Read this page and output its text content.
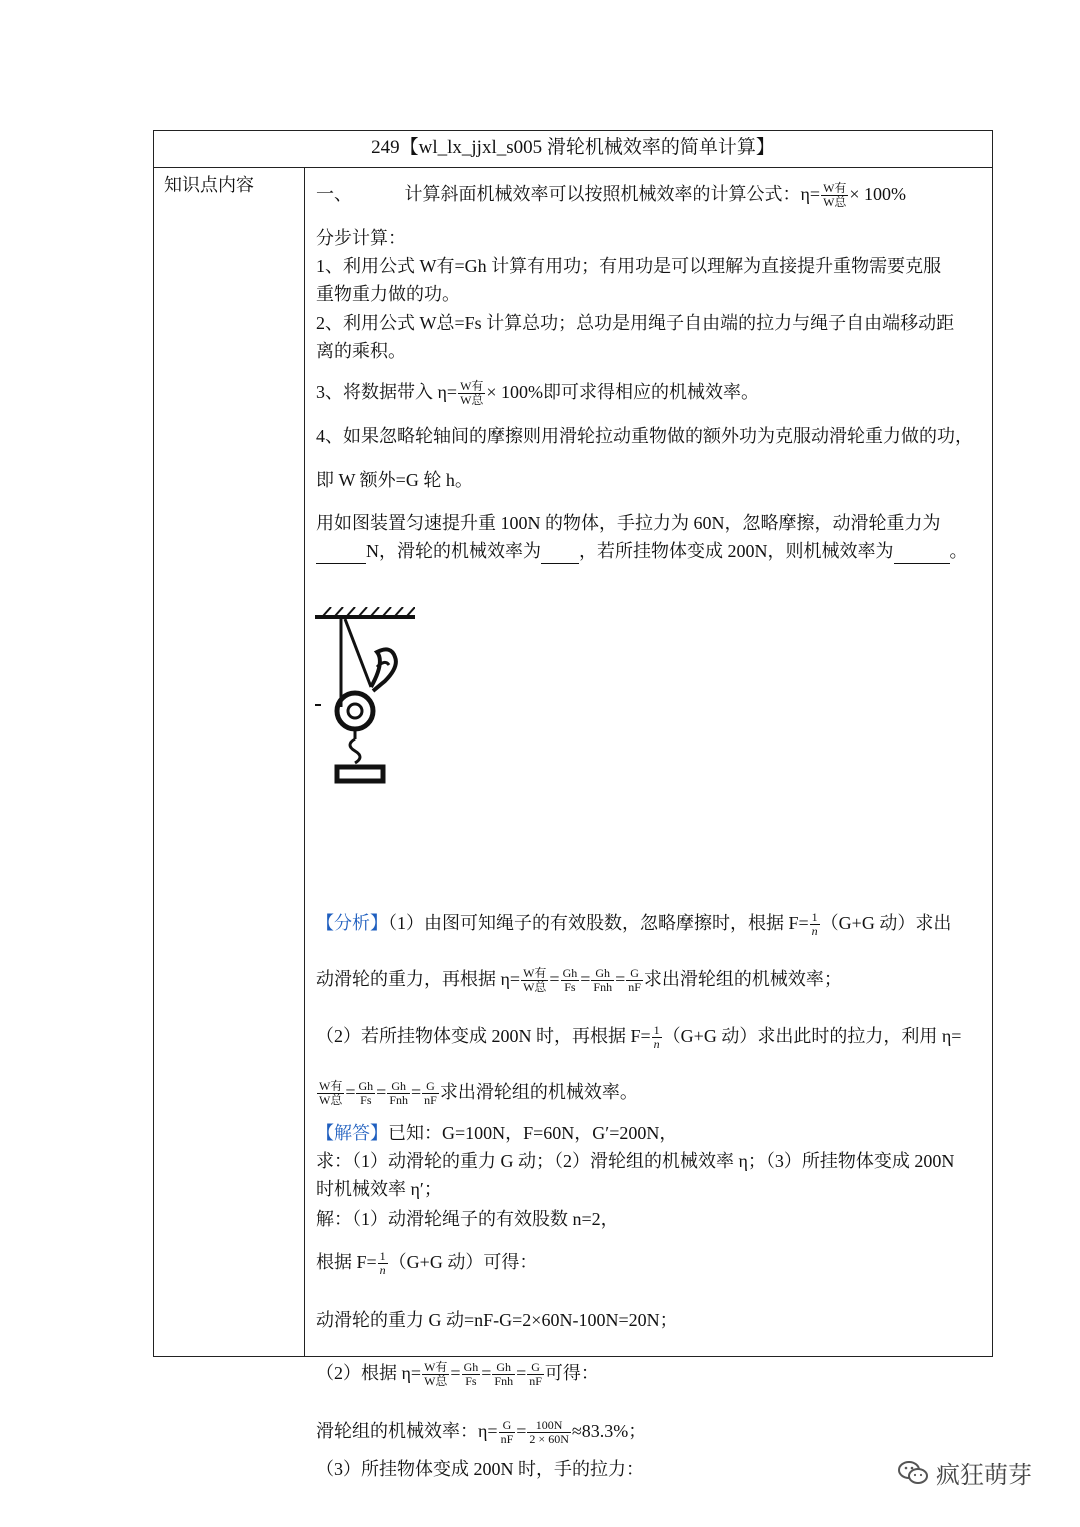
249【wl_lx_jjxl_s005 滑轮机械效率的简单计算】
知识点内容	一、	计算斜面机械效率可以按照机械效率的计算公式：$\eta= \frac{\text{W有}}{\text{W总}} \times 100\%$
分步计算：
1、利用公式 W有=Gh 计算有用功；有用功是可以理解为直接提升重物需要克服
重物重力做的功。
2、利用公式 W总=Fs 计算总功；总功是用绳子自由端的拉力与绳子自由端移动距
离的乘积。
3、将数据带入 $\eta= \frac{\text{W有}}{\text{W总}} \times 100\%$即可求得相应的机械效率。
4、如果忽略轮轴间的摩擦则用滑轮拉动重物做的额外功为克服动滑轮重力做的功，
即 W 额外=G 轮 h。
用如图装置匀速提升重 100N 的物体，手拉力为 60N，忽略摩擦，动滑轮重力为
N，滑轮的机械效率为 ，若所挂物体变成 200N，则机械效率为	。
【分析】（1）由图可知绳子的有效股数，忽略摩擦时，根据 $F= \frac{1}{n} (G+G$ 动）求出
动滑轮的重力，再根据 $\eta= \frac{\text{W有}}{\text{W总}} = \frac{Gh}{Fs} = \frac{Gh}{\text{Fnh}} = \frac{G}{nF}$ 求出滑轮组的机械效率；
（2）若所挂物体变成 200N 时，再根据 $F= \frac{1}{n} (G+G$ 动）求出此时的拉力，利用 η=
$\frac{\text{W有}}{\text{W总}} = \frac{Gh}{Fs} = \frac{Gh}{\text{Fnh}} = \frac{G}{nF}$ 求出滑轮组的机械效率。
【解答】已知：G=100N，F=60N，G′=200N，
求：（1）动滑轮的重力 G 动；（2）滑轮组的机械效率 η；（3）所挂物体变成 200N
时机械效率 η′；
解：（1）动滑轮绳子的有效股数 n=2，
根据 $F= \frac{1}{n} (G+G$ 动）可得：
动滑轮的重力 G 动=nF-G=2×60N-100N=20N；
（2）根据 $\eta= \frac{\text{W有}}{\text{W总}} = \frac{Gh}{Fs} = \frac{Gh}{\text{Fnh}} = \frac{G}{nF}$ 可得：
滑轮组的机械效率：$\eta= \frac{G}{nF} = \frac{100N}{2 \times 60N} \approx 83.3\%$；
（3）所挂物体变成 200N 时，手的拉力：	疯狂萌芽
